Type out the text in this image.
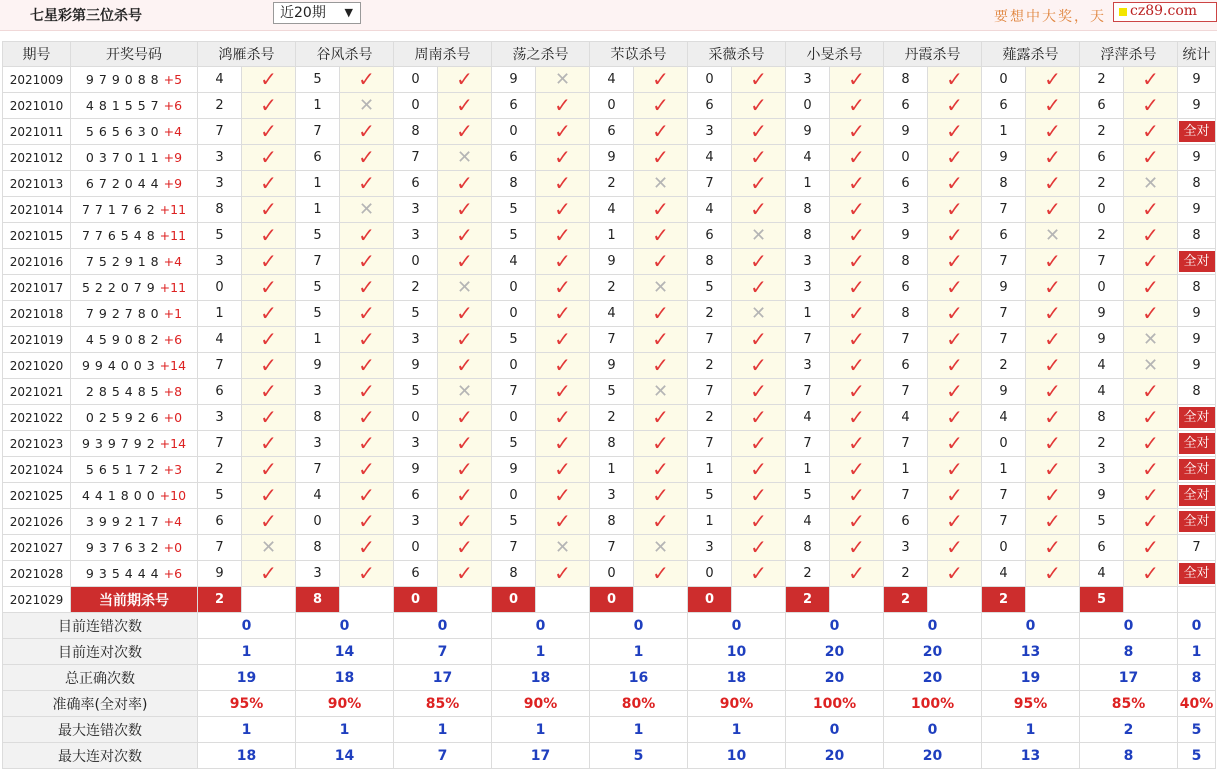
七星彩第三位杀号	近20期 ▼	要想中大奖，天	cz89.com
期号	开奖号码	鸿雁杀号		谷风杀号		周南杀号		荡之杀号		芣苡杀号		采薇杀号		小旻杀号		丹霞杀号		薤露杀号		浮萍杀号		统计
2021009	979088+5	4	✓	5	✓	0	✓	9	✕	4	✓	0	✓	3	✓	8	✓	0	✓	2	✓	9
2021010	481557+6	2	✓	1	✕	0	✓	6	✓	0	✓	6	✓	0	✓	6	✓	6	✓	6	✓	9
2021011	565630+4	7	✓	7	✓	8	✓	0	✓	6	✓	3	✓	9	✓	9	✓	1	✓	2	✓	全对
2021012	037011+9	3	✓	6	✓	7	✕	6	✓	9	✓	4	✓	4	✓	0	✓	9	✓	6	✓	9
2021013	672044+9	3	✓	1	✓	6	✓	8	✓	2	✕	7	✓	1	✓	6	✓	8	✓	2	✕	8
2021014	771762+11	8	✓	1	✕	3	✓	5	✓	4	✓	4	✓	8	✓	3	✓	7	✓	0	✓	9
2021015	776548+11	5	✓	5	✓	3	✓	5	✓	1	✓	6	✕	8	✓	9	✓	6	✕	2	✓	8
2021016	752918+4	3	✓	7	✓	0	✓	4	✓	9	✓	8	✓	3	✓	8	✓	7	✓	7	✓	全对
2021017	522079+11	0	✓	5	✓	2	✕	0	✓	2	✕	5	✓	3	✓	6	✓	9	✓	0	✓	8
2021018	792780+1	1	✓	5	✓	5	✓	0	✓	4	✓	2	✕	1	✓	8	✓	7	✓	9	✓	9
2021019	459082+6	4	✓	1	✓	3	✓	5	✓	7	✓	7	✓	7	✓	7	✓	7	✓	9	✕	9
2021020	994003+14	7	✓	9	✓	9	✓	0	✓	9	✓	2	✓	3	✓	6	✓	2	✓	4	✕	9
2021021	285485+8	6	✓	3	✓	5	✕	7	✓	5	✕	7	✓	7	✓	7	✓	9	✓	4	✓	8
2021022	025926+0	3	✓	8	✓	0	✓	0	✓	2	✓	2	✓	4	✓	4	✓	4	✓	8	✓	全对
2021023	939792+14	7	✓	3	✓	3	✓	5	✓	8	✓	7	✓	7	✓	7	✓	0	✓	2	✓	全对
2021024	565172+3	2	✓	7	✓	9	✓	9	✓	1	✓	1	✓	1	✓	1	✓	1	✓	3	✓	全对
2021025	441800+10	5	✓	4	✓	6	✓	0	✓	3	✓	5	✓	5	✓	7	✓	7	✓	9	✓	全对
2021026	399217+4	6	✓	0	✓	3	✓	5	✓	8	✓	1	✓	4	✓	6	✓	7	✓	5	✓	全对
2021027	937632+0	7	✕	8	✓	0	✓	7	✕	7	✕	3	✓	8	✓	3	✓	0	✓	6	✓	7
2021028	935444+6	9	✓	3	✓	6	✓	8	✓	0	✓	0	✓	2	✓	2	✓	4	✓	4	✓	全对
2021029	当前期杀号	2		8		0		0		0		0		2		2		2		5		
目前连错次数		0		0		0		0		0		0		0		0		0		0		0
目前连对次数		1		14		7		1		1		10		20		20		13		8		1
总正确次数		19		18		17		18		16		18		20		20		19		17		8
准确率(全对率)		95%		90%		85%		90%		80%		90%		100%		100%		95%		85%		40%
最大连错次数		1		1		1		1		1		1		0		0		1		2		5
最大连对次数		18		14		7		17		5		10		20		20		13		8		5
